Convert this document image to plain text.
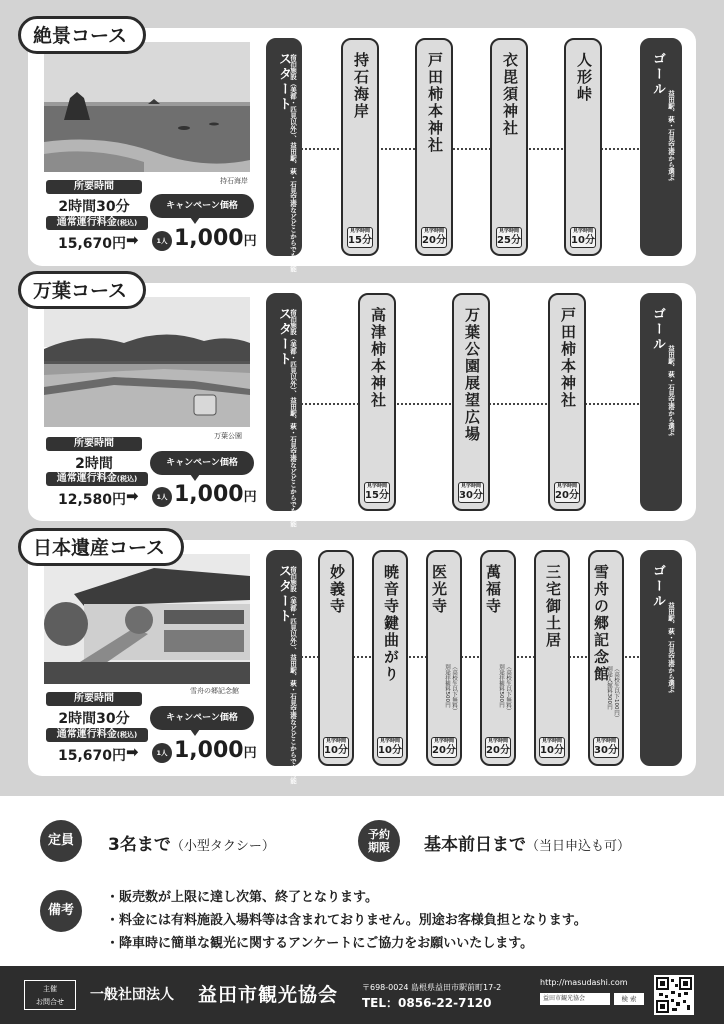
絶景コース
持石海岸
所要時間
2時間30分
通常運行料金(税込)
15,670円 ➡
キャンペーン価格
1人 1,000円
スタート
宿泊施設（美都・匹見以外）、益田駅、萩・石見空港などどこからでも可能	持石海岸
見学時間
15分
戸田柿本神社
見学時間
20分
衣毘須神社
見学時間
25分
人形峠
見学時間
10分
ゴール
益田駅、萩・石見空港から選ぶ
万葉コース
万葉公園
所要時間
2時間
通常運行料金(税込)
12,580円 ➡
キャンペーン価格
1人 1,000円
スタート
宿泊施設（美都・匹見以外）、益田駅、萩・石見空港などどこからでも可能	高津柿本神社
見学時間
15分
万葉公園展望広場
見学時間
30分
戸田柿本神社
見学時間
20分
ゴール
益田駅、萩・石見空港から選ぶ
日本遺産コース
雪舟の郷記念館
所要時間
2時間30分
通常運行料金(税込)
15,670円 ➡
キャンペーン価格
1人 1,000円
スタート
宿泊施設（美都・匹見以外）、益田駅、萩・石見空港などどこからでも可能 妙義寺
見学時間
10分
暁音寺鍵曲がり
見学時間
10分
医光寺
別途拝観料500円 （高校生以下無料）
見学時間
20分
萬福寺
別途拝観料500円 （高校生以下無料）
見学時間
20分
三宅御土居
見学時間
10分
雪舟の郷記念館
別途入館料300円 （高校生以下100円）
見学時間
30分
ゴール
益田駅、萩・石見空港から選ぶ
定員	3名まで（小型タクシー）
予約
期限	基本前日まで（当日申込も可）
備考
・販売数が上限に達し次第、終了となります。
・料金には有料施設入場料等は含まれておりません。別途お客様負担となります。
・降車時に簡単な観光に関するアンケートにご協力をお願いいたします。
主催
お問合せ	一般社団法人 益田市観光協会	〒698-0024 島根県益田市駅前町17-2
TEL：0856-22-7120
http://masudashi.com
益田市観光協会	検 索
